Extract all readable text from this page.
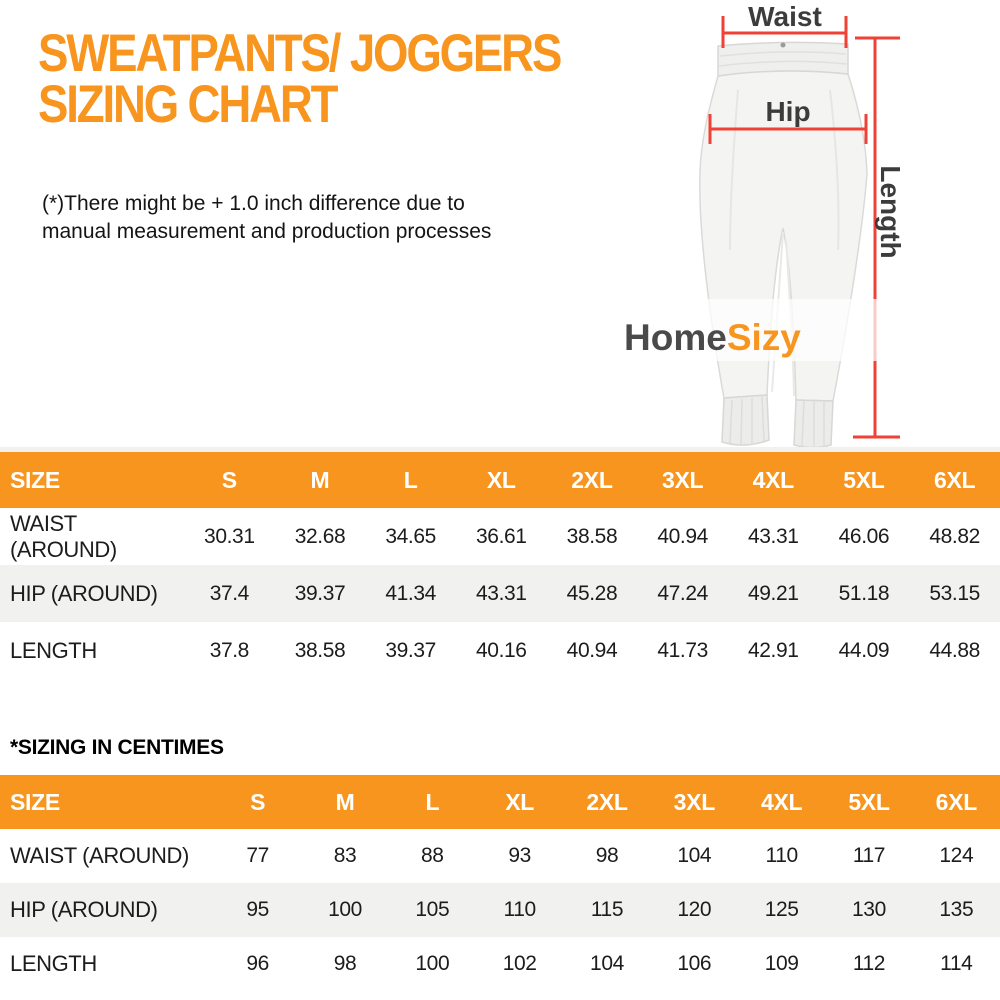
SWEATPANTS/ JOGGERS
SIZING CHART

(*)There might be + 1.0 inch difference due to
manual measurement and production processes

Waist
Hip
Length
HomeSizy
SIZE	S	M	L	XL	2XL	3XL	4XL	5XL	6XL
WAIST (AROUND)	30.31	32.68	34.65	36.61	38.58	40.94	43.31	46.06	48.82
HIP (AROUND)	37.4	39.37	41.34	43.31	45.28	47.24	49.21	51.18	53.15
LENGTH	37.8	38.58	39.37	40.16	40.94	41.73	42.91	44.09	44.88
*SIZING IN CENTIMES
SIZE	S	M	L	XL	2XL	3XL	4XL	5XL	6XL
WAIST (AROUND)	77	83	88	93	98	104	110	117	124
HIP (AROUND)	95	100	105	110	115	120	125	130	135
LENGTH	96	98	100	102	104	106	109	112	114
